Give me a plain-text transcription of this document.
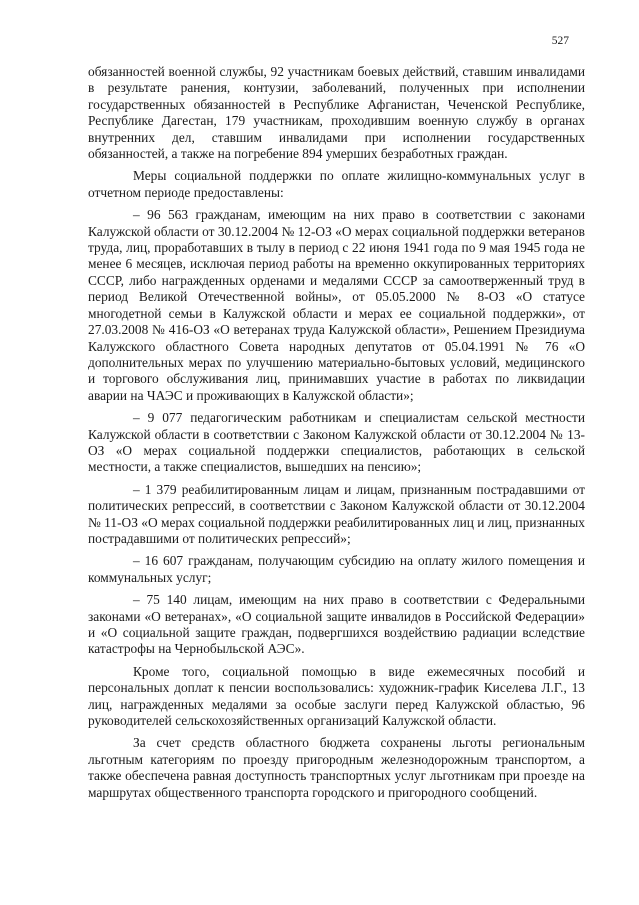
527

обязанностей военной службы, 92 участникам боевых действий, ставшим инвалидами в результате ранения, контузии, заболеваний, полученных при исполнении государственных обязанностей в Республике Афганистан, Чеченской Республике, Республике Дагестан, 179 участникам, проходившим военную службу в органах внутренних дел, ставшим инвалидами при исполнении государственных обязанностей, а также на погребение 894 умерших безработных граждан.

Меры социальной поддержки по оплате жилищно-коммунальных услуг в отчетном периоде предоставлены:

– 96 563 гражданам, имеющим на них право в соответствии с законами Калужской области от 30.12.2004 № 12-ОЗ «О мерах социальной поддержки ветеранов труда, лиц, проработавших в тылу в период с 22 июня 1941 года по 9 мая 1945 года не менее 6 месяцев, исключая период работы на временно оккупированных территориях СССР, либо награжденных орденами и медалями СССР за самоотверженный труд в период Великой Отечественной войны», от 05.05.2000 № 8-ОЗ «О статусе многодетной семьи в Калужской области и мерах ее социальной поддержки», от 27.03.2008 № 416-ОЗ «О ветеранах труда Калужской области», Решением Президиума Калужского областного Совета народных депутатов от 05.04.1991 № 76 «О дополнительных мерах по улучшению материально-бытовых условий, медицинского и торгового обслуживания лиц, принимавших участие в работах по ликвидации аварии на ЧАЭС и проживающих в Калужской области»;

– 9 077 педагогическим работникам и специалистам сельской местности Калужской области в соответствии с Законом Калужской области от 30.12.2004 № 13-ОЗ «О мерах социальной поддержки специалистов, работающих в сельской местности, а также специалистов, вышедших на пенсию»;

– 1 379 реабилитированным лицам и лицам, признанным пострадавшими от политических репрессий, в соответствии с Законом Калужской области от 30.12.2004 № 11-ОЗ «О мерах социальной поддержки реабилитированных лиц и лиц, признанных пострадавшими от политических репрессий»;

– 16 607 гражданам, получающим субсидию на оплату жилого помещения и коммунальных услуг;

– 75 140 лицам, имеющим на них право в соответствии с Федеральными законами «О ветеранах», «О социальной защите инвалидов в Российской Федерации» и «О социальной защите граждан, подвергшихся воздействию радиации вследствие катастрофы на Чернобыльской АЭС».

Кроме того, социальной помощью в виде ежемесячных пособий и персональных доплат к пенсии воспользовались: художник-график Киселева Л.Г., 13 лиц, награжденных медалями за особые заслуги перед Калужской областью, 96 руководителей сельскохозяйственных организаций Калужской области.

За счет средств областного бюджета сохранены льготы региональным льготным категориям по проезду пригородным железнодорожным транспортом, а также обеспечена равная доступность транспортных услуг льготникам при проезде на маршрутах общественного транспорта городского и пригородного сообщений.
